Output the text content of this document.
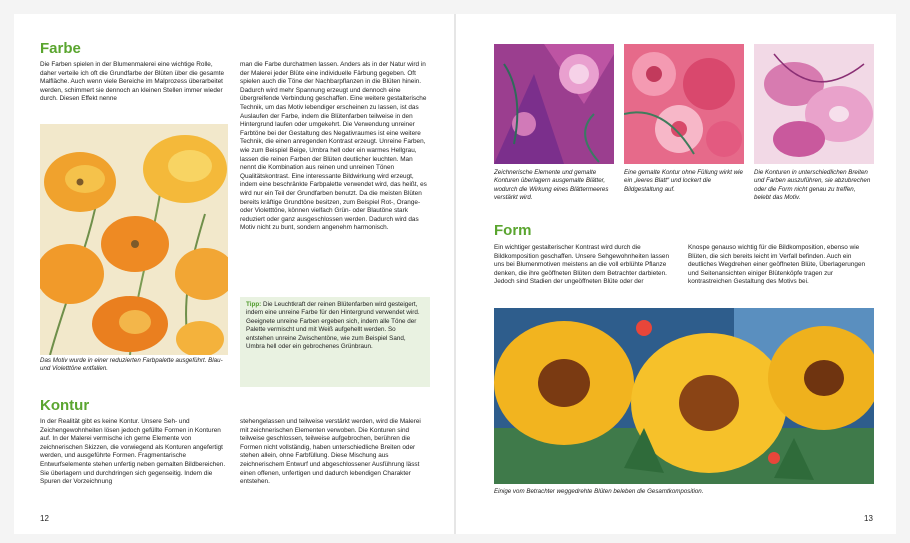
Farbe

Die Farben spielen in der Blumenmalerei eine wichtige Rolle, daher verteile ich oft die Grundfarbe der Blüten über die gesamte Malfläche. Auch wenn viele Bereiche im Malprozess überarbeitet werden, schimmert sie dennoch an kleinen Stellen immer wieder durch. Diesen Effekt nenne

man die Farbe durchatmen lassen. Anders als in der Natur wird in der Malerei jeder Blüte eine individuelle Färbung gegeben. Oft spielen auch die Töne der Nachbarpflanzen in die Blüten hinein. Dadurch wird mehr Spannung erzeugt und dennoch eine übergreifende Verbindung geschaffen. Eine weitere gestalterische Technik, um das Motiv lebendiger erscheinen zu lassen, ist das Auslaufen der Farbe, indem die Blütenfarben teilweise in den Hintergrund laufen oder umgekehrt. Die Verwendung unreiner Farbtöne bei der Gestaltung des Negativraumes ist eine weitere Technik, die einen anregenden Kontrast erzeugt. Unreine Farben, wie zum Beispiel Beige, Umbra hell oder ein warmes Hellgrau, lassen die reinen Farben der Blüten deutlicher leuchten. Man nennt die Kombination aus reinen und unreinen Tönen Qualitätskontrast. Eine interessante Bildwirkung wird erzeugt, indem eine beschränkte Farbpalette verwendet wird, das heißt, es wird nur ein Teil der Grundfarben benutzt. Da die meisten Blüten bereits kräftige Grundtöne besitzen, zum Beispiel Rot-, Orange- oder Violetttöne, können vielfach Grün- oder Blautöne stark reduziert oder ganz ausgeschlossen werden. Dadurch wird das Motiv nicht zu bunt, sondern angenehm harmonisch.

Das Motiv wurde in einer reduzierten Farbpalette ausgeführt. Blau- und Violetttöne entfallen.

Tipp: Die Leuchtkraft der reinen Blütenfarben wird gesteigert, indem eine unreine Farbe für den Hintergrund verwendet wird. Geeignete unreine Farben ergeben sich, indem alle Töne der Palette vermischt und mit Weiß aufgehellt werden. So entstehen unreine Zwischentöne, wie zum Beispiel Sand, Umbra hell oder ein gebrochenes Grünbraun.
Kontur

In der Realität gibt es keine Kontur. Unsere Seh- und Zeichengewohnheiten lösen jedoch gefüllte Formen in Konturen auf. In der Malerei vermische ich gerne Elemente von zeichnerischen Skizzen, die vorwiegend als Konturen angefertigt werden, und ausgeführte Formen. Fragmentarische Entwurfselemente stehen unfertig neben gemalten Bildbereichen. Sie überlagern und durchdringen sich gegenseitig. Indem die Spuren der Vorzeichnung

stehengelassen und teilweise verstärkt werden, wird die Malerei mit zeichnerischen Elementen verwoben. Die Konturen sind teilweise geschlossen, teilweise aufgebrochen, berühren die Formen nicht vollständig, haben unterschiedliche Breiten oder stehen allein, ohne Farbfüllung. Diese Mischung aus zeichnerischem Entwurf und abgeschlossener Ausführung lässt einen offenen, unfertigen und dadurch lebendigen Charakter entstehen.

12

Zeichnerische Elemente und gemalte Konturen überlagern ausgemalte Blätter, wodurch die Wirkung eines Blättermeeres verstärkt wird.

Eine gemalte Kontur ohne Füllung wirkt wie ein „leeres Blatt“ und lockert die Bildgestaltung auf.

Die Konturen in unterschiedlichen Breiten und Farben auszuführen, sie abzubrechen oder die Form nicht genau zu treffen, belebt das Motiv.

Form

Ein wichtiger gestalterischer Kontrast wird durch die Bildkomposition geschaffen. Unsere Sehgewohnheiten lassen uns bei Blumenmotiven meistens an die voll erblühte Pflanze denken, die ihre geöffneten Blüten dem Betrachter darbieten. Jedoch sind Stadien der ungeöffneten Blüte oder der

Knospe genauso wichtig für die Bildkomposition, ebenso wie Blüten, die sich bereits leicht im Verfall befinden. Auch ein deutliches Wegdrehen einer geöffneten Blüte, Überlagerungen und Seitenansichten einiger Blütenköpfe tragen zur kontrastreichen Gestaltung des Motivs bei.

Einige vom Betrachter weggedrehte Blüten beleben die Gesamtkomposition.

13
